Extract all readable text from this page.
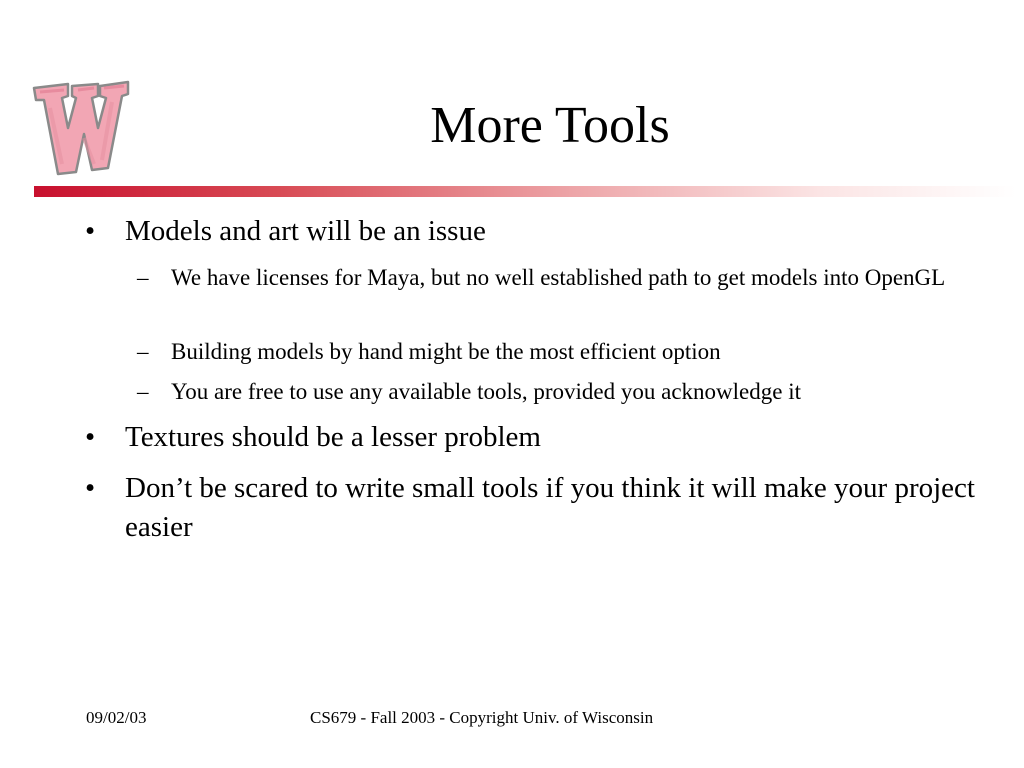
More Tools
• Models and art will be an issue
– We have licenses for Maya, but no well established path to get models into OpenGL
– Building models by hand might be the most efficient option
– You are free to use any available tools, provided you acknowledge it
• Textures should be a lesser problem
• Don’t be scared to write small tools if you think it will make your project easier
09/02/03	CS679 - Fall 2003 - Copyright Univ. of Wisconsin
